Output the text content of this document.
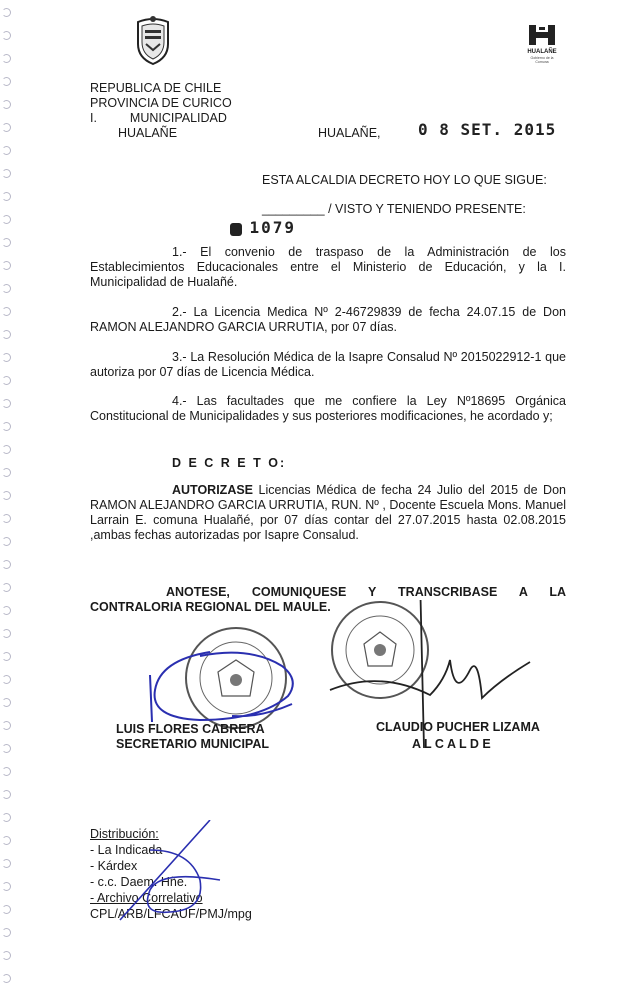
HUALAÑE
Gobierno de la Comuna
REPUBLICA DE CHILE
PROVINCIA DE CURICO
I.	MUNICIPALIDAD
HUALAÑE	HUALAÑE, 0 8 SET. 2015
ESTA ALCALDIA DECRETO HOY LO QUE SIGUE:
_________ / VISTO Y TENIENDO PRESENTE:
1079
1.- El convenio de traspaso de la Administración de los Establecimientos Educacionales entre el Ministerio de Educación, y la I. Municipalidad de Hualañé.
2.- La Licencia Medica Nº 2-46729839 de fecha 24.07.15 de Don RAMON ALEJANDRO GARCIA URRUTIA, por 07 días.
3.- La Resolución Médica de la Isapre Consalud Nº 2015022912-1 que autoriza por 07 días de Licencia Médica.
4.- Las facultades que me confiere la Ley Nº18695 Orgánica Constitucional de Municipalidades y sus posteriores modificaciones, he acordado y;
D E C R E T O:
AUTORIZASE Licencias Médica de fecha 24 Julio del 2015 de Don RAMON ALEJANDRO GARCIA URRUTIA, RUN. Nº , Docente Escuela Mons. Manuel Larrain E. comuna Hualañé, por 07 días contar del 27.07.2015 hasta 02.08.2015 ,ambas fechas autorizadas por Isapre Consalud.
ANOTESE, COMUNIQUESE Y TRANSCRIBASE A LA CONTRALORIA REGIONAL DEL MAULE.
LUIS FLORES CABRERA
SECRETARIO MUNICIPAL
CLAUDIO PUCHER LIZAMA
A L C A L D E
Distribución:
- La Indicada
- Kárdex
- c.c. Daem. Hñe.
- Archivo Correlativo
CPL/ARB/LFCAUF/PMJ/mpg
